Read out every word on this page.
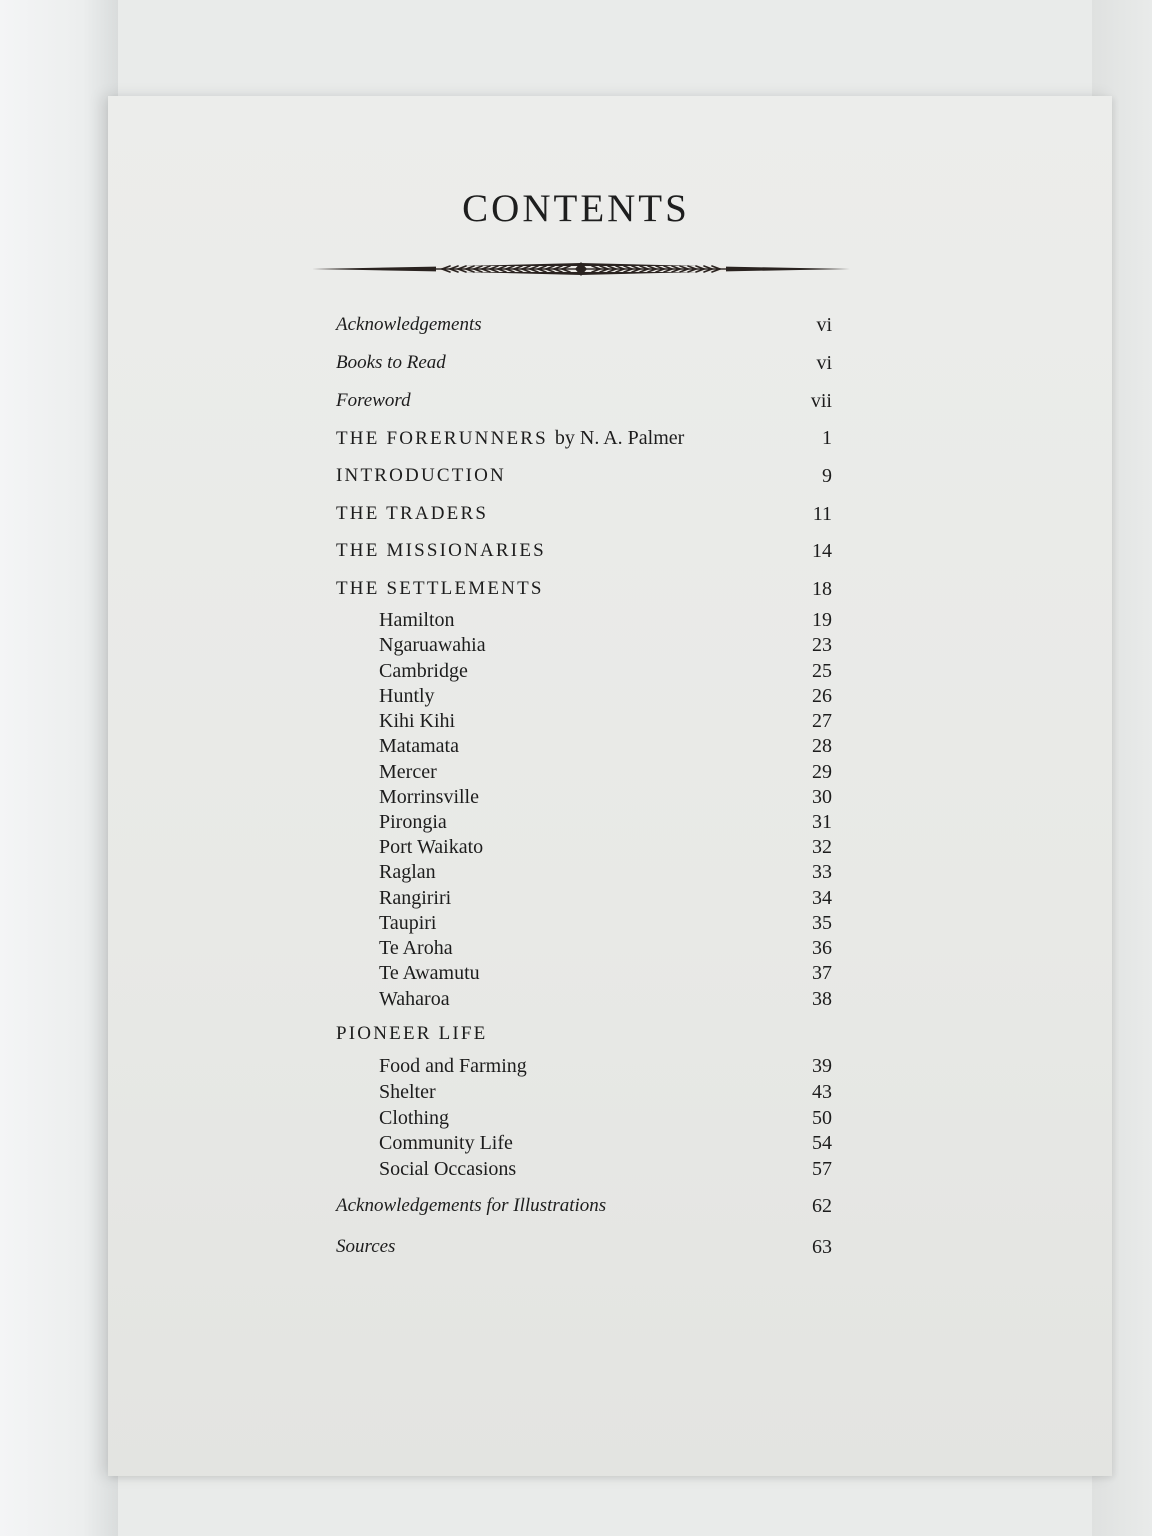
CONTENTS
Acknowledgements	vi
Books to Read	vi
Foreword	vii
THE FORERUNNERS by N. A. Palmer	1
INTRODUCTION	9
THE TRADERS	11
THE MISSIONARIES	14
THE SETTLEMENTS	18
Hamilton	19
Ngaruawahia	23
Cambridge	25
Huntly	26
Kihi Kihi	27
Matamata	28
Mercer	29
Morrinsville	30
Pirongia	31
Port Waikato	32
Raglan	33
Rangiriri	34
Taupiri	35
Te Aroha	36
Te Awamutu	37
Waharoa	38
PIONEER LIFE
Food and Farming	39
Shelter	43
Clothing	50
Community Life	54
Social Occasions	57
Acknowledgements for Illustrations	62
Sources	63
